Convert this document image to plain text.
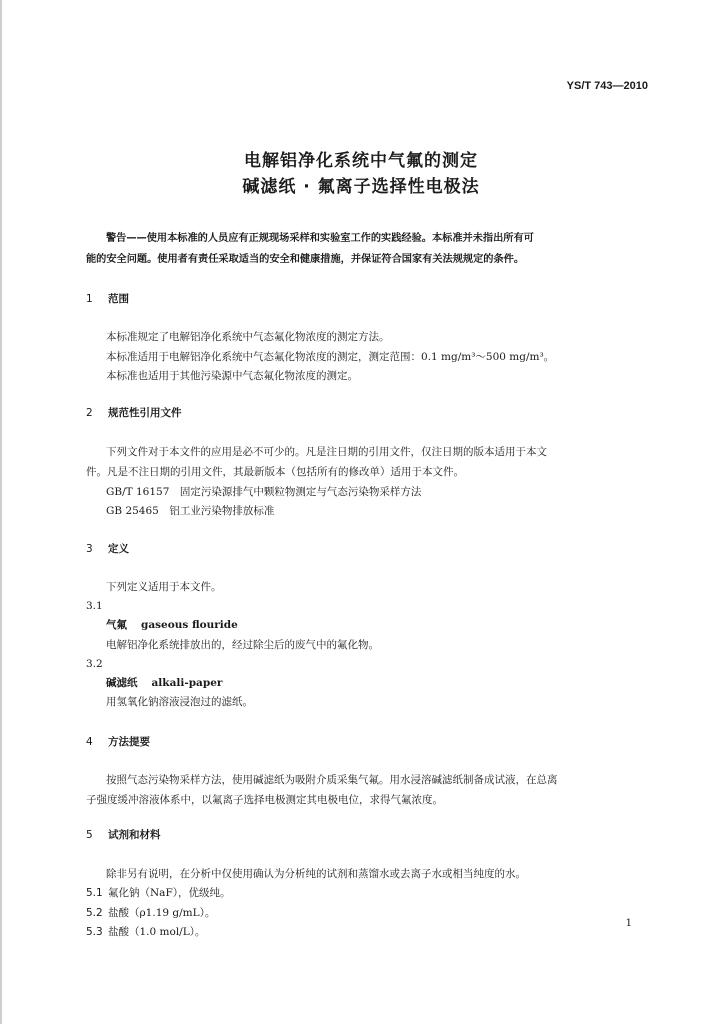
YS/T 743—2010
电解铝净化系统中气氟的测定
碱滤纸 · 氟离子选择性电极法
警告——使用本标准的人员应有正规现场采样和实验室工作的实践经验。本标准并未指出所有可
能的安全问题。使用者有责任采取适当的安全和健康措施，并保证符合国家有关法规规定的条件。
1 范围
本标准规定了电解铝净化系统中气态氟化物浓度的测定方法。
本标准适用于电解铝净化系统中气态氟化物浓度的测定，测定范围：0.1 mg/m³～500 mg/m³。
本标准也适用于其他污染源中气态氟化物浓度的测定。
2 规范性引用文件
下列文件对于本文件的应用是必不可少的。凡是注日期的引用文件，仅注日期的版本适用于本文
件。凡是不注日期的引用文件，其最新版本（包括所有的修改单）适用于本文件。
GB/T 16157　固定污染源排气中颗粒物测定与气态污染物采样方法
GB 25465　铝工业污染物排放标准
3 定义
下列定义适用于本文件。
3.1
气氟 gaseous flouride
电解铝净化系统排放出的，经过除尘后的废气中的氟化物。
3.2
碱滤纸 alkali-paper
用氢氧化钠溶液浸泡过的滤纸。
4 方法提要
按照气态污染物采样方法，使用碱滤纸为吸附介质采集气氟。用水浸溶碱滤纸制备成试液，在总离
子强度缓冲溶液体系中，以氟离子选择电极测定其电极电位，求得气氟浓度。
5 试剂和材料
除非另有说明，在分析中仅使用确认为分析纯的试剂和蒸馏水或去离子水或相当纯度的水。
5.1 氟化钠（NaF），优级纯。
5.2 盐酸（ρ1.19 g/mL）。
5.3 盐酸（1.0 mol/L）。
1
